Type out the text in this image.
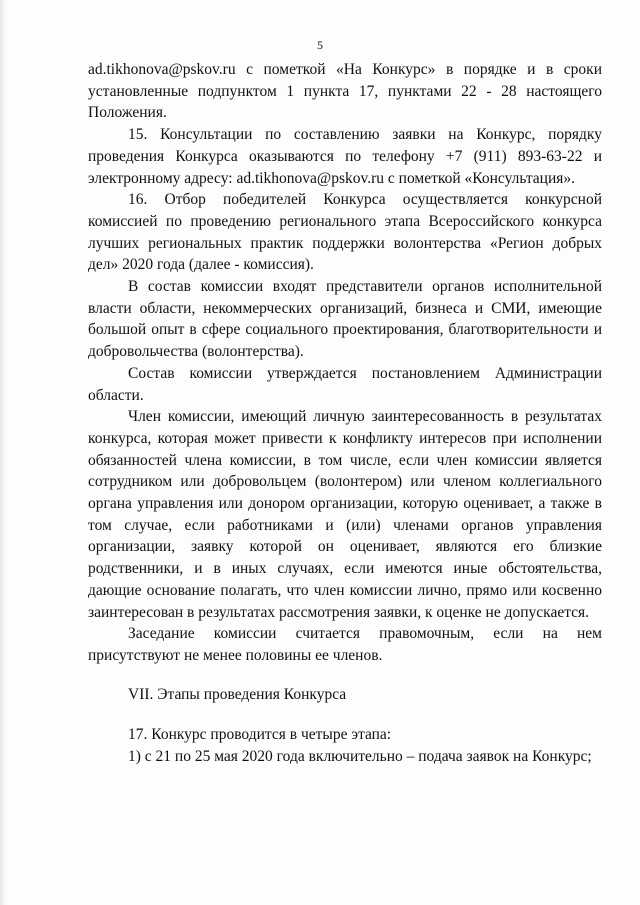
5

ad.tikhonova@pskov.ru с пометкой «На Конкурс» в порядке и в сроки установленные подпунктом 1 пункта 17, пунктами 22 - 28 настоящего Положения.

15. Консультации по составлению заявки на Конкурс, порядку проведения Конкурса оказываются по телефону +7 (911) 893-63-22 и электронному адресу: ad.tikhonova@pskov.ru с пометкой «Консультация».

16. Отбор победителей Конкурса осуществляется конкурсной комиссией по проведению регионального этапа Всероссийского конкурса лучших региональных практик поддержки волонтерства «Регион добрых дел» 2020 года (далее - комиссия).

В состав комиссии входят представители органов исполнительной власти области, некоммерческих организаций, бизнеса и СМИ, имеющие большой опыт в сфере социального проектирования, благотворительности и добровольчества (волонтерства).

Состав комиссии утверждается постановлением Администрации области.

Член комиссии, имеющий личную заинтересованность в результатах конкурса, которая может привести к конфликту интересов при исполнении обязанностей члена комиссии, в том числе, если член комиссии является сотрудником или добровольцем (волонтером) или членом коллегиального органа управления или донором организации, которую оценивает, а также в том случае, если работниками и (или) членами органов управления организации, заявку которой он оценивает, являются его близкие родственники, и в иных случаях, если имеются иные обстоятельства, дающие основание полагать, что член комиссии лично, прямо или косвенно заинтересован в результатах рассмотрения заявки, к оценке не допускается.

Заседание комиссии считается правомочным, если на нем присутствуют не менее половины ее членов.

VII. Этапы проведения Конкурса

17. Конкурс проводится в четыре этапа:

1) с 21 по 25 мая 2020 года включительно – подача заявок на Конкурс;
